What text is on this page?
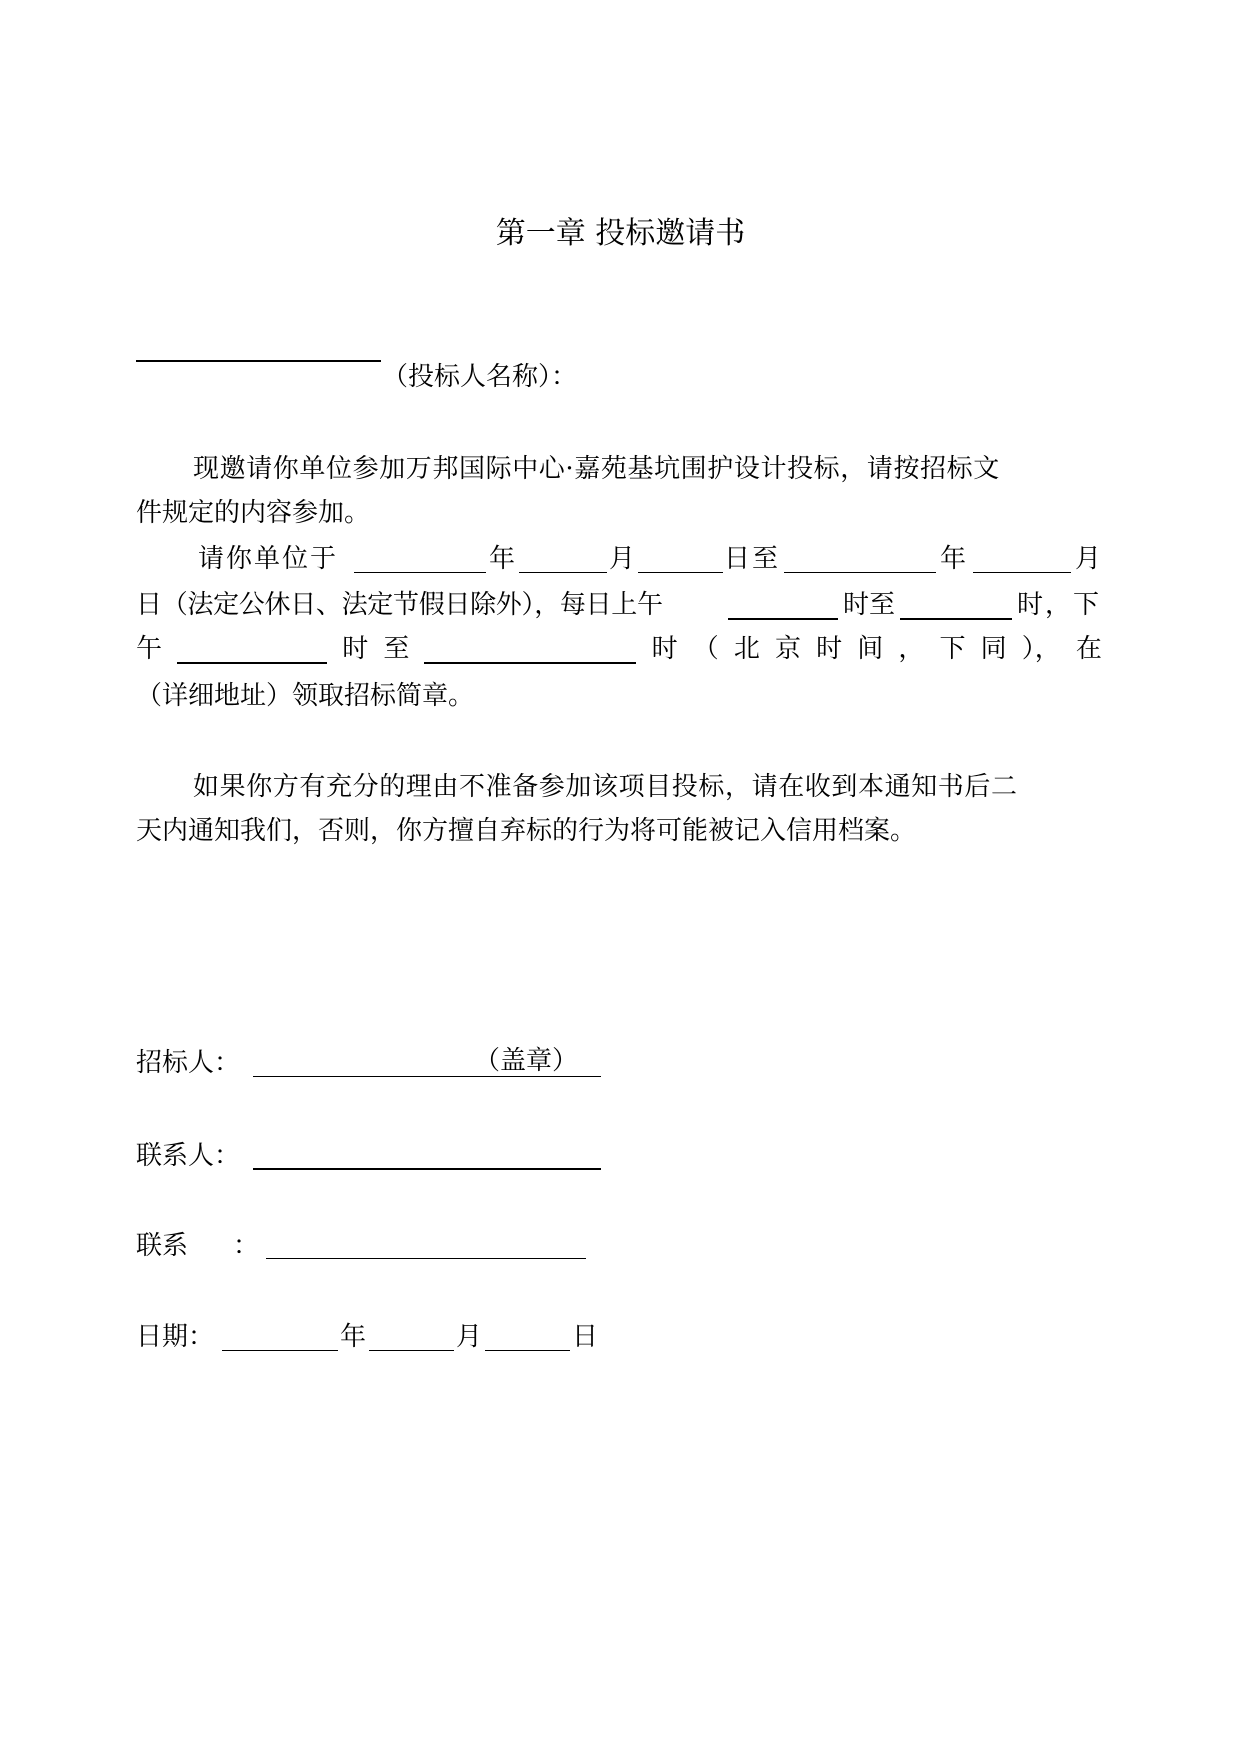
第一章 投标邀请书
（投标人名称）：
现邀请你单位参加万邦国际中心·嘉苑基坑围护设计投标，请按招标文
件规定的内容参加。
请你单位于	年	月	日至	年	月
日（法定公休日、法定节假日除外），每日上午	时至	时，下
午	时 至	时 （ 北 京 时 间 ， 下 同 ）， 在
（详细地址）领取招标简章。
如果你方有充分的理由不准备参加该项目投标，请在收到本通知书后二
天内通知我们，否则，你方擅自弃标的行为将可能被记入信用档案。
招标人：	（盖章）
联系人：
联系 ：
日期：	年	月	日
